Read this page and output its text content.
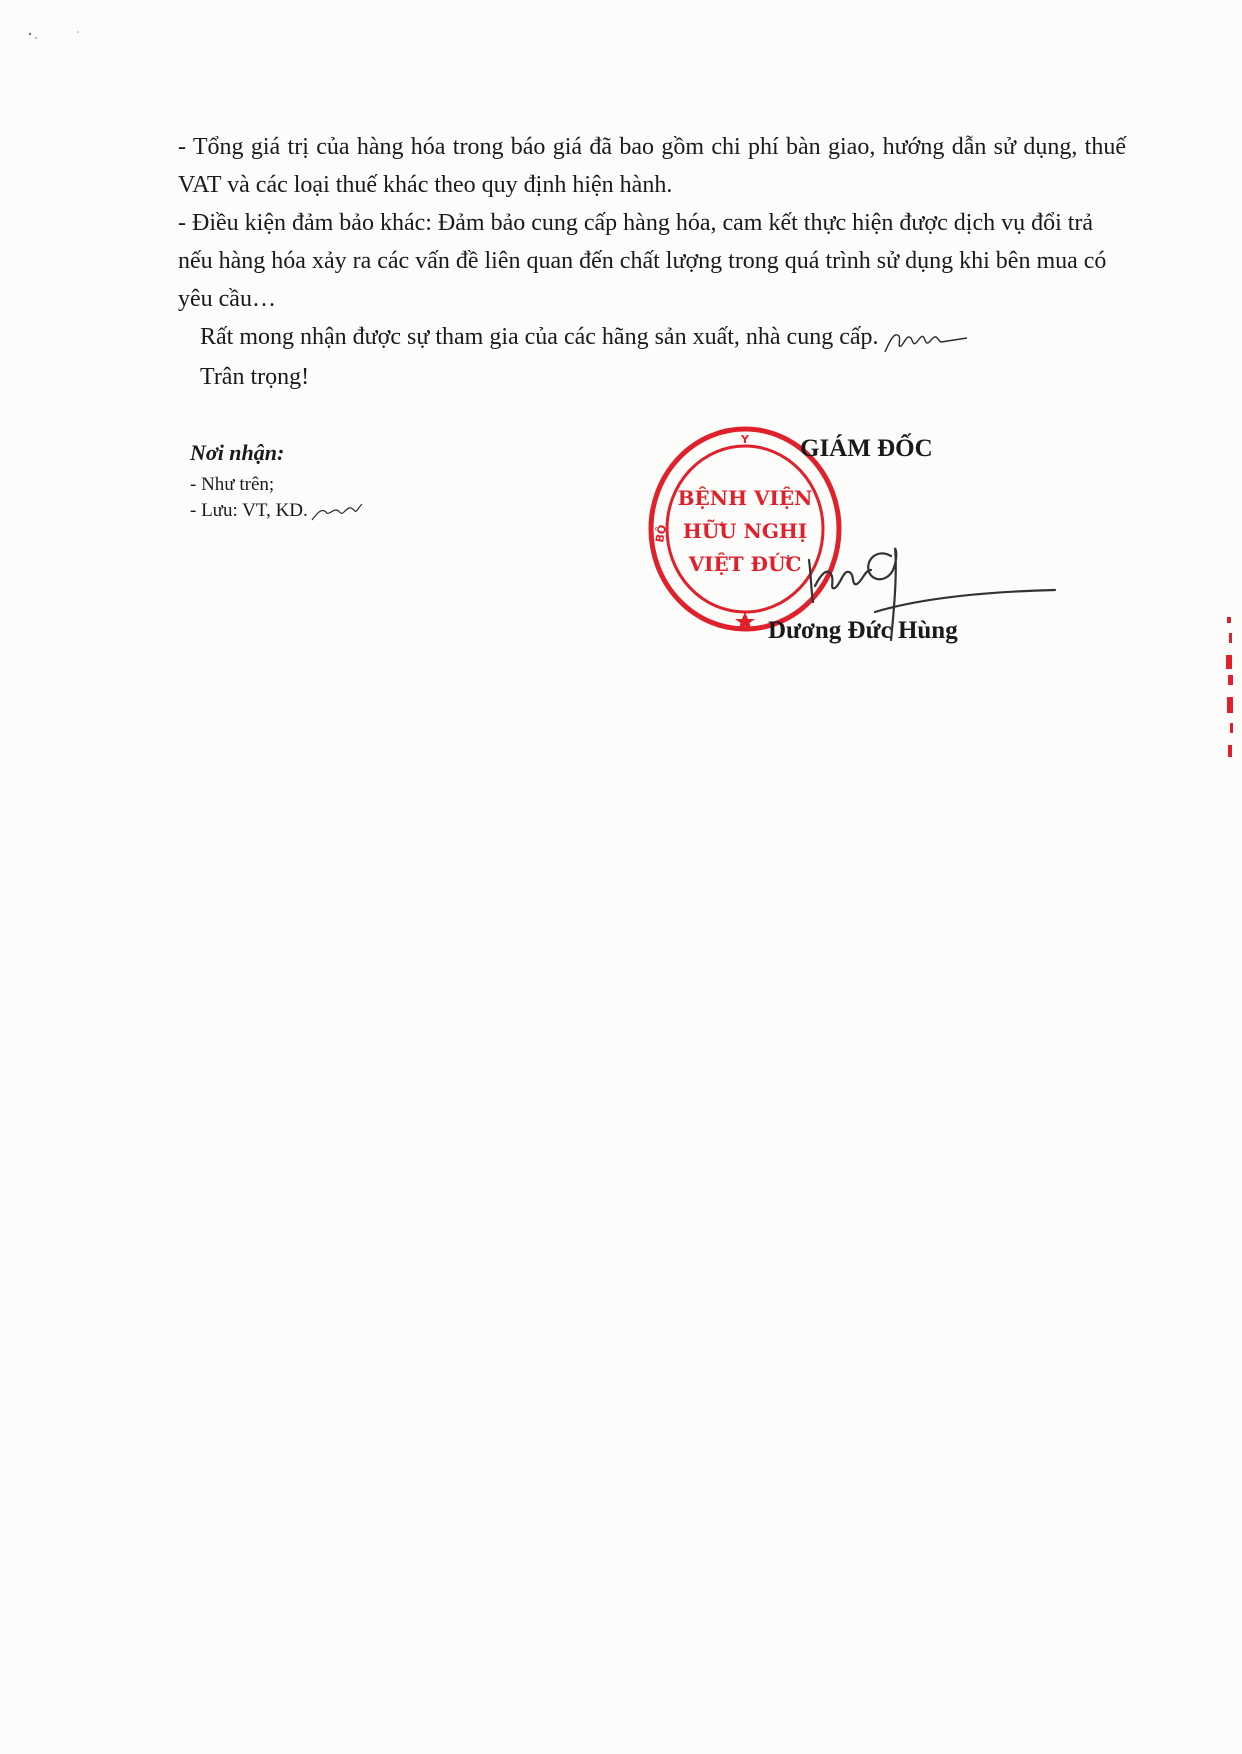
- Tổng giá trị của hàng hóa trong báo giá đã bao gồm chi phí bàn giao, hướng dẫn sử dụng, thuế VAT và các loại thuế khác theo quy định hiện hành.

- Điều kiện đảm bảo khác: Đảm bảo cung cấp hàng hóa, cam kết thực hiện được dịch vụ đổi trả nếu hàng hóa xảy ra các vấn đề liên quan đến chất lượng trong quá trình sử dụng khi bên mua có yêu cầu…

Rất mong nhận được sự tham gia của các hãng sản xuất, nhà cung cấp.

Trân trọng!

Nơi nhận:

- Như trên;

- Lưu: VT, KD.

Y
BỘ
BỆNH VIỆN
HỮU NGHỊ
VIỆT ĐỨC
GIÁM ĐỐC
Dương Đức Hùng
